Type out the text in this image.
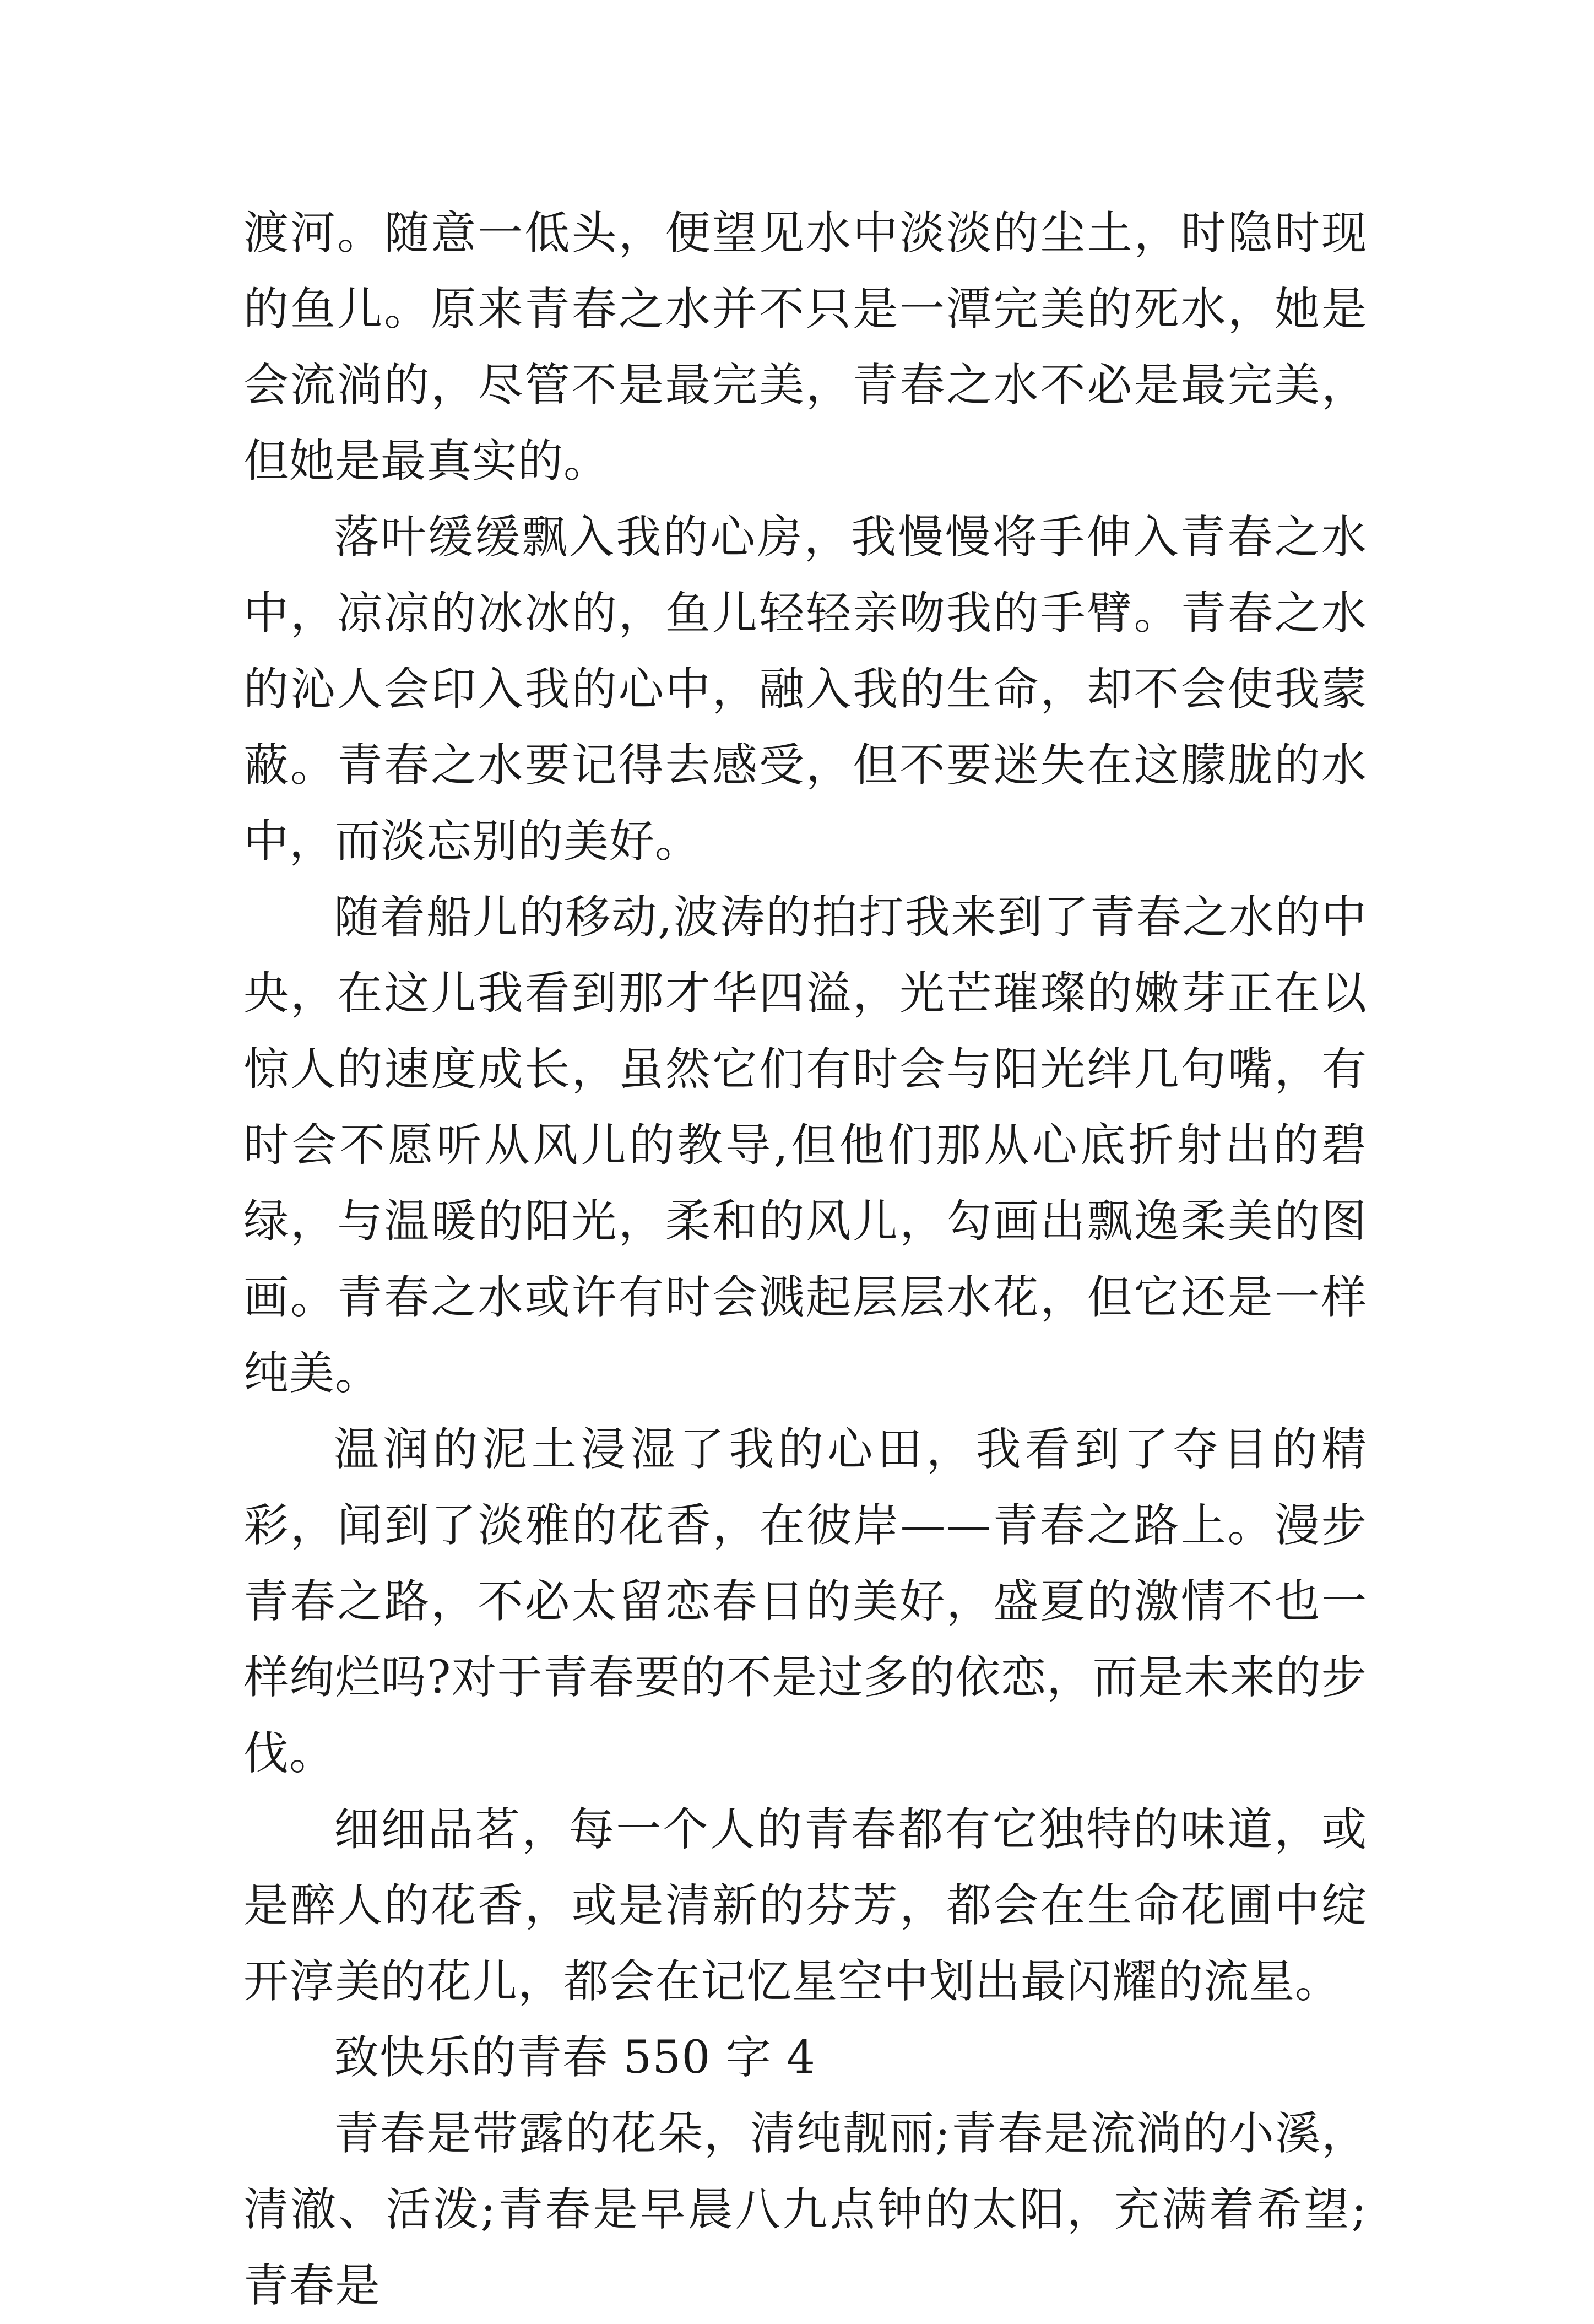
渡河。随意一低头，便望见水中淡淡的尘土，时隐时现的鱼儿。原来青春之水并不只是一潭完美的死水，她是会流淌的，尽管不是最完美，青春之水不必是最完美，但她是最真实的。

落叶缓缓飘入我的心房，我慢慢将手伸入青春之水中，凉凉的冰冰的，鱼儿轻轻亲吻我的手臂。青春之水的沁人会印入我的心中，融入我的生命，却不会使我蒙蔽。青春之水要记得去感受，但不要迷失在这朦胧的水中，而淡忘别的美好。

随着船儿的移动,波涛的拍打我来到了青春之水的中央，在这儿我看到那才华四溢，光芒璀璨的嫩芽正在以惊人的速度成长，虽然它们有时会与阳光绊几句嘴，有时会不愿听从风儿的教导,但他们那从心底折射出的碧绿，与温暖的阳光，柔和的风儿，勾画出飘逸柔美的图画。青春之水或许有时会溅起层层水花，但它还是一样纯美。

温润的泥土浸湿了我的心田，我看到了夺目的精彩，闻到了淡雅的花香，在彼岸——青春之路上。漫步青春之路，不必太留恋春日的美好，盛夏的激情不也一样绚烂吗?对于青春要的不是过多的依恋，而是未来的步伐。

细细品茗，每一个人的青春都有它独特的味道，或是醉人的花香，或是清新的芬芳，都会在生命花圃中绽开淳美的花儿，都会在记忆星空中划出最闪耀的流星。

致快乐的青春 550 字 4

青春是带露的花朵，清纯靓丽;青春是流淌的小溪，清澈、活泼;青春是早晨八九点钟的太阳，充满着希望;青春是
